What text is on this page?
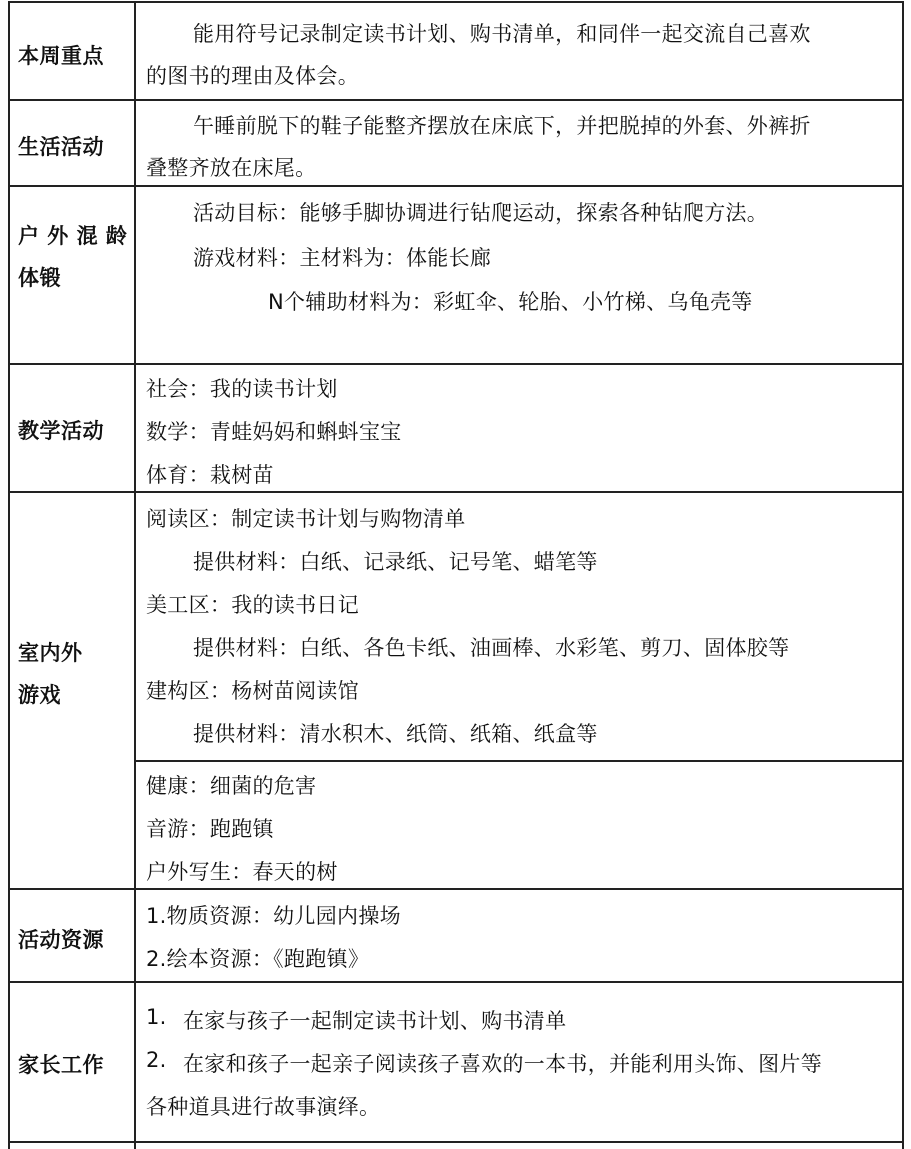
本周重点
能用符号记录制定读书计划、购书清单，和同伴一起交流自己喜欢
的图书的理由及体会。
生活活动
午睡前脱下的鞋子能整齐摆放在床底下，并把脱掉的外套、外裤折
叠整齐放在床尾。
户 外 混 龄
体锻
活动目标：能够手脚协调进行钻爬运动，探索各种钻爬方法。
游戏材料：主材料为：体能长廊
N个辅助材料为：彩虹伞、轮胎、小竹梯、乌龟壳等
教学活动
社会：我的读书计划
数学：青蛙妈妈和蝌蚪宝宝
体育：栽树苗
室内外
游戏
阅读区：制定读书计划与购物清单
提供材料：白纸、记录纸、记号笔、蜡笔等
美工区：我的读书日记
提供材料：白纸、各色卡纸、油画棒、水彩笔、剪刀、固体胶等
建构区：杨树苗阅读馆
提供材料：清水积木、纸筒、纸箱、纸盒等
健康：细菌的危害
音游：跑跑镇
户外写生：春天的树
活动资源
1.物质资源：幼儿园内操场
2.绘本资源：《跑跑镇》
家长工作
1. 在家与孩子一起制定读书计划、购书清单
2. 在家和孩子一起亲子阅读孩子喜欢的一本书，并能利用头饰、图片等
各种道具进行故事演绎。
